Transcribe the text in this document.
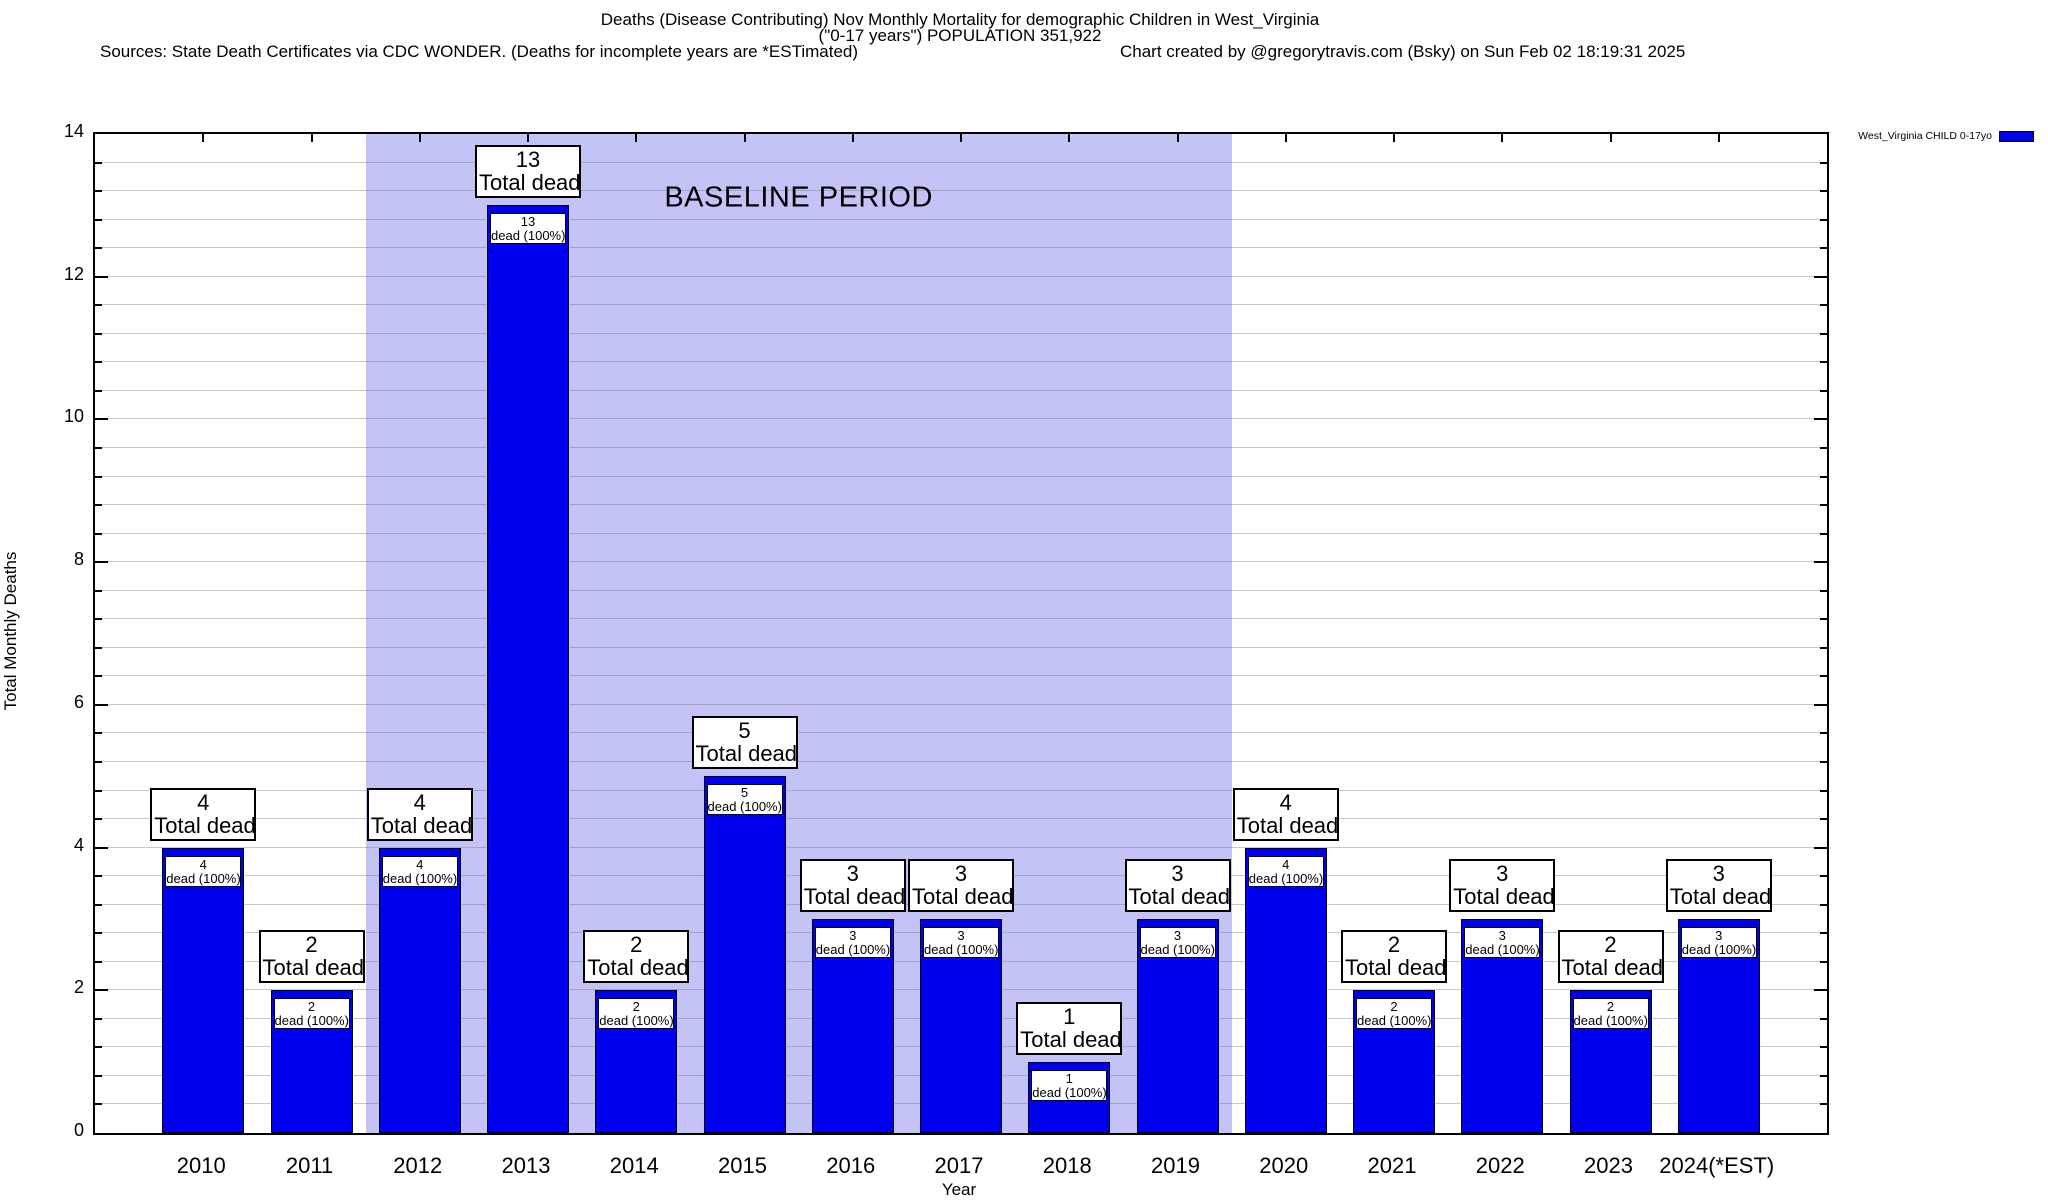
Deaths (Disease Contributing) Nov Monthly Mortality for demographic Children in West_Virginia
("0-17 years") POPULATION 351,922
Sources: State Death Certificates via CDC WONDER. (Deaths for incomplete years are *ESTimated)	Chart created by @gregorytravis.com (Bsky) on Sun Feb 02 18:19:31 2025
West_Virginia CHILD 0-17yo
Total Monthly Deaths
Year
4
Total dead
4
dead (100%)
2
Total dead
2
dead (100%)
4
Total dead
4
dead (100%)
13
Total dead
13
dead (100%)
2
Total dead
2
dead (100%)
5
Total dead
5
dead (100%)
3
Total dead
3
dead (100%)
3
Total dead
3
dead (100%)
1
Total dead
1
dead (100%)
3
Total dead
3
dead (100%)
4
Total dead
4
dead (100%)
2
Total dead
2
dead (100%)
3
Total dead
3
dead (100%)	2
Total dead
2
dead (100%)
3
Total dead
3
dead (100%)
BASELINE PERIOD
0
2
4
6
8
10
12
14
2010	2011	2012	2013	2014	2015	2016	2017	2018	2019	2020	2021	2022	2023	2024(*EST)
